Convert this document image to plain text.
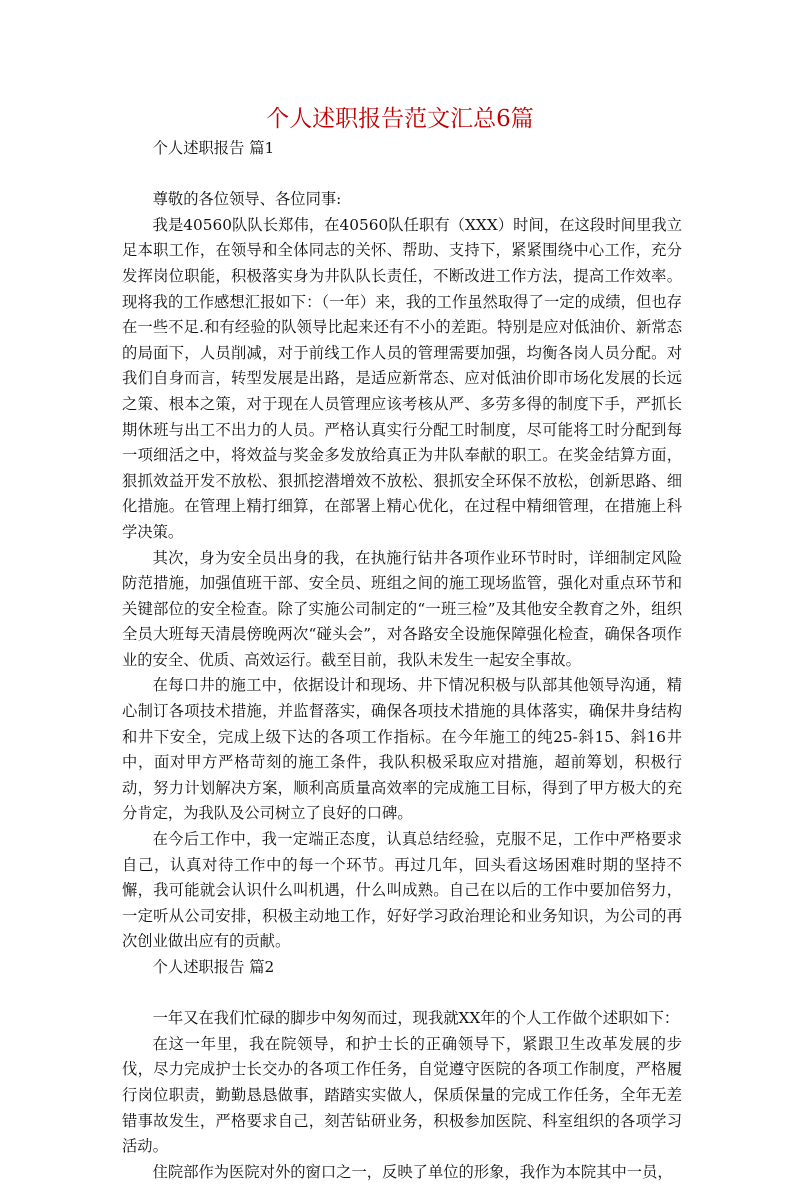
个人述职报告范文汇总6篇

个人述职报告 篇1

尊敬的各位领导、各位同事:

我是40560队队长郑伟，在40560队任职有（XXX）时间，在这段时间里我立足本职工作，在领导和全体同志的关怀、帮助、支持下，紧紧围绕中心工作，充分发挥岗位职能，积极落实身为井队队长责任，不断改进工作方法，提高工作效率。现将我的工作感想汇报如下：（一年）来，我的工作虽然取得了一定的成绩，但也存在一些不足.和有经验的队领导比起来还有不小的差距。特别是应对低油价、新常态的局面下，人员削减，对于前线工作人员的管理需要加强，均衡各岗人员分配。对我们自身而言，转型发展是出路，是适应新常态、应对低油价即市场化发展的长远之策、根本之策，对于现在人员管理应该考核从严、多劳多得的制度下手，严抓长期休班与出工不出力的人员。严格认真实行分配工时制度，尽可能将工时分配到每一项细活之中，将效益与奖金多发放给真正为井队奉献的职工。在奖金结算方面，狠抓效益开发不放松、狠抓挖潜增效不放松、狠抓安全环保不放松，创新思路、细化措施。在管理上精打细算，在部署上精心优化，在过程中精细管理，在措施上科学决策。

其次，身为安全员出身的我，在执施行钻井各项作业环节时时，详细制定风险防范措施，加强值班干部、安全员、班组之间的施工现场监管，强化对重点环节和关键部位的安全检查。除了实施公司制定的“一班三检”及其他安全教育之外，组织全员大班每天清晨傍晚两次“碰头会”，对各路安全设施保障强化检查，确保各项作业的安全、优质、高效运行。截至目前，我队未发生一起安全事故。

在每口井的施工中，依据设计和现场、井下情况积极与队部其他领导沟通，精心制订各项技术措施，并监督落实，确保各项技术措施的具体落实，确保井身结构和井下安全，完成上级下达的各项工作指标。在今年施工的纯25-斜15、斜16井中，面对甲方严格苛刻的施工条件，我队积极采取应对措施，超前筹划，积极行动，努力计划解决方案，顺利高质量高效率的完成施工目标，得到了甲方极大的充分肯定，为我队及公司树立了良好的口碑。

在今后工作中，我一定端正态度，认真总结经验，克服不足，工作中严格要求自己，认真对待工作中的每一个环节。再过几年，回头看这场困难时期的坚持不懈，我可能就会认识什么叫机遇，什么叫成熟。自己在以后的工作中要加倍努力，一定听从公司安排，积极主动地工作，好好学习政治理论和业务知识，为公司的再次创业做出应有的贡献。

个人述职报告 篇2

一年又在我们忙碌的脚步中匆匆而过，现我就XX年的个人工作做个述职如下：

在这一年里，我在院领导，和护士长的正确领导下，紧跟卫生改革发展的步伐，尽力完成护士长交办的各项工作任务，自觉遵守医院的各项工作制度，严格履行岗位职责，勤勤恳恳做事，踏踏实实做人，保质保量的完成工作任务，全年无差错事故发生，严格要求自己，刻苦钻研业务，积极参加医院、科室组织的各项学习活动。

住院部作为医院对外的窗口之一，反映了单位的形象，我作为本院其中一员，
